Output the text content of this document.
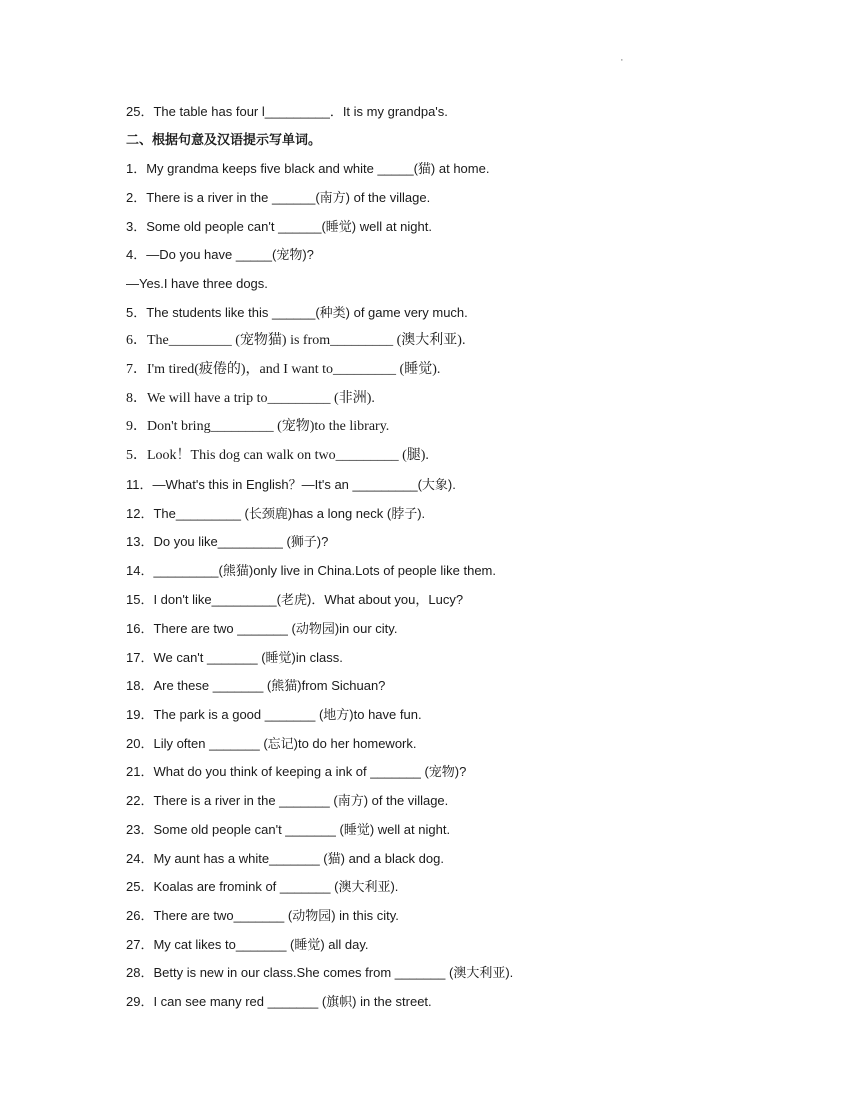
·
25．The table has four l_________．It is my grandpa's.
二、根据句意及汉语提示写单词。
1．My grandma keeps five black and white _____(猫) at home.
2．There is a river in the ______(南方) of the village.
3．Some old people can't ______(睡觉) well at night.
4．—Do you have _____(宠物)?
—Yes.I have three dogs.
5．The students like this ______(种类) of game very much.
6．The_________ (宠物猫) is from_________ (澳大利亚).
7．I'm tired(疲倦的)，and I want to_________ (睡觉).
8．We will have a trip to_________ (非洲).
9．Don't bring_________ (宠物)to the library.
5．Look！This dog can walk on two_________ (腿).
11．—What's this in English？—It's an _________(大象).
12．The_________ (长颈鹿)has a long neck (脖子).
13．Do you like_________ (狮子)?
14．_________(熊猫)only live in China.Lots of people like them.
15．I don't like_________(老虎)．What about you，Lucy?
16．There are two _______ (动物园)in our city.
17．We can't _______ (睡觉)in class.
18．Are these _______ (熊猫)from Sichuan?
19．The park is a good _______ (地方)to have fun.
20．Lily often _______ (忘记)to do her homework.
21．What do you think of keeping a ink of _______ (宠物)?
22．There is a river in the _______ (南方) of the village.
23．Some old people can't _______ (睡觉) well at night.
24．My aunt has a white_______ (猫) and a black dog.
25．Koalas are fromink of _______ (澳大利亚).
26．There are two_______ (动物园) in this city.
27．My cat likes to_______ (睡觉) all day.
28．Betty is new in our class.She comes from _______ (澳大利亚).
29．I can see many red _______ (旗帜) in the street.
